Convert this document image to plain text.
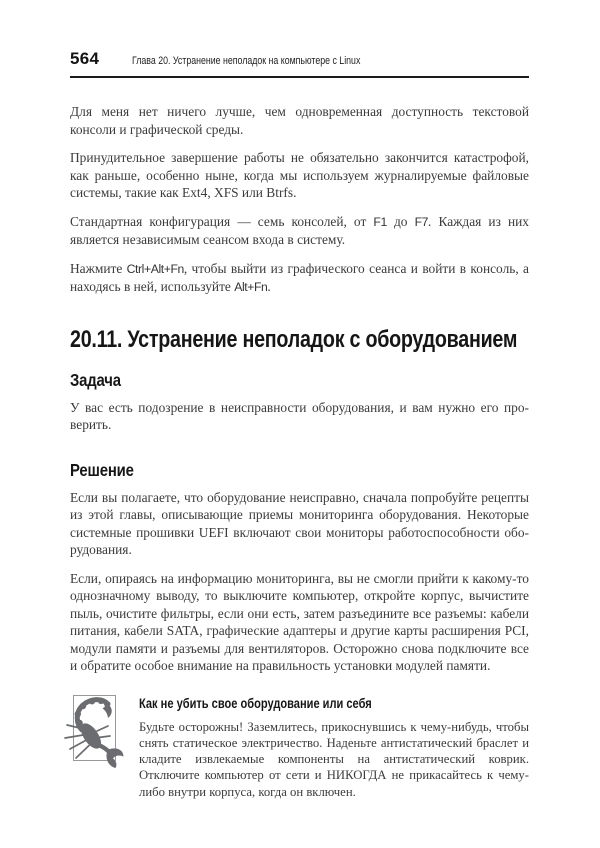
564	Глава 20. Устранение неполадок на компьютере с Linux

Для меня нет ничего лучше, чем одновременная доступность текстовой консоли и графической среды.

Принудительное завершение работы не обязательно закончится катастрофой, как раньше, особенно ныне, когда мы используем журналируемые файловые системы, такие как Ext4, XFS или Btrfs.

Стандартная конфигурация — семь консолей, от F1 до F7. Каждая из них является независимым сеансом входа в систему.

Нажмите Ctrl+Alt+Fn, чтобы выйти из графического сеанса и войти в консоль, а находясь в ней, используйте Alt+Fn.

20.11. Устранение неполадок с оборудованием
Задача

У вас есть подозрение в неисправности оборудования, и вам нужно его проверить.

Решение

Если вы полагаете, что оборудование неисправно, сначала попробуйте рецепты из этой главы, описывающие приемы мониторинга оборудования. Некоторые системные прошивки UEFI включают свои мониторы работоспособности оборудования.

Если, опираясь на информацию мониторинга, вы не смогли прийти к какому-то однозначному выводу, то выключите компьютер, откройте корпус, вычистите пыль, очистите фильтры, если они есть, затем разъедините все разъемы: кабели питания, кабели SATA, графические адаптеры и другие карты расширения PCI, модули памяти и разъемы для вентиляторов. Осторожно снова подключите все и обратите особое внимание на правильность установки модулей памяти.

Как не убить свое оборудование или себя

Будьте осторожны! Заземлитесь, прикоснувшись к чему-нибудь, чтобы снять статическое электричество. Наденьте антистатический браслет и кладите извлекаемые компоненты на антистатический коврик. Отключите компьютер от сети и НИКОГДА не прикасайтесь к чему-либо внутри корпуса, когда он включен.
